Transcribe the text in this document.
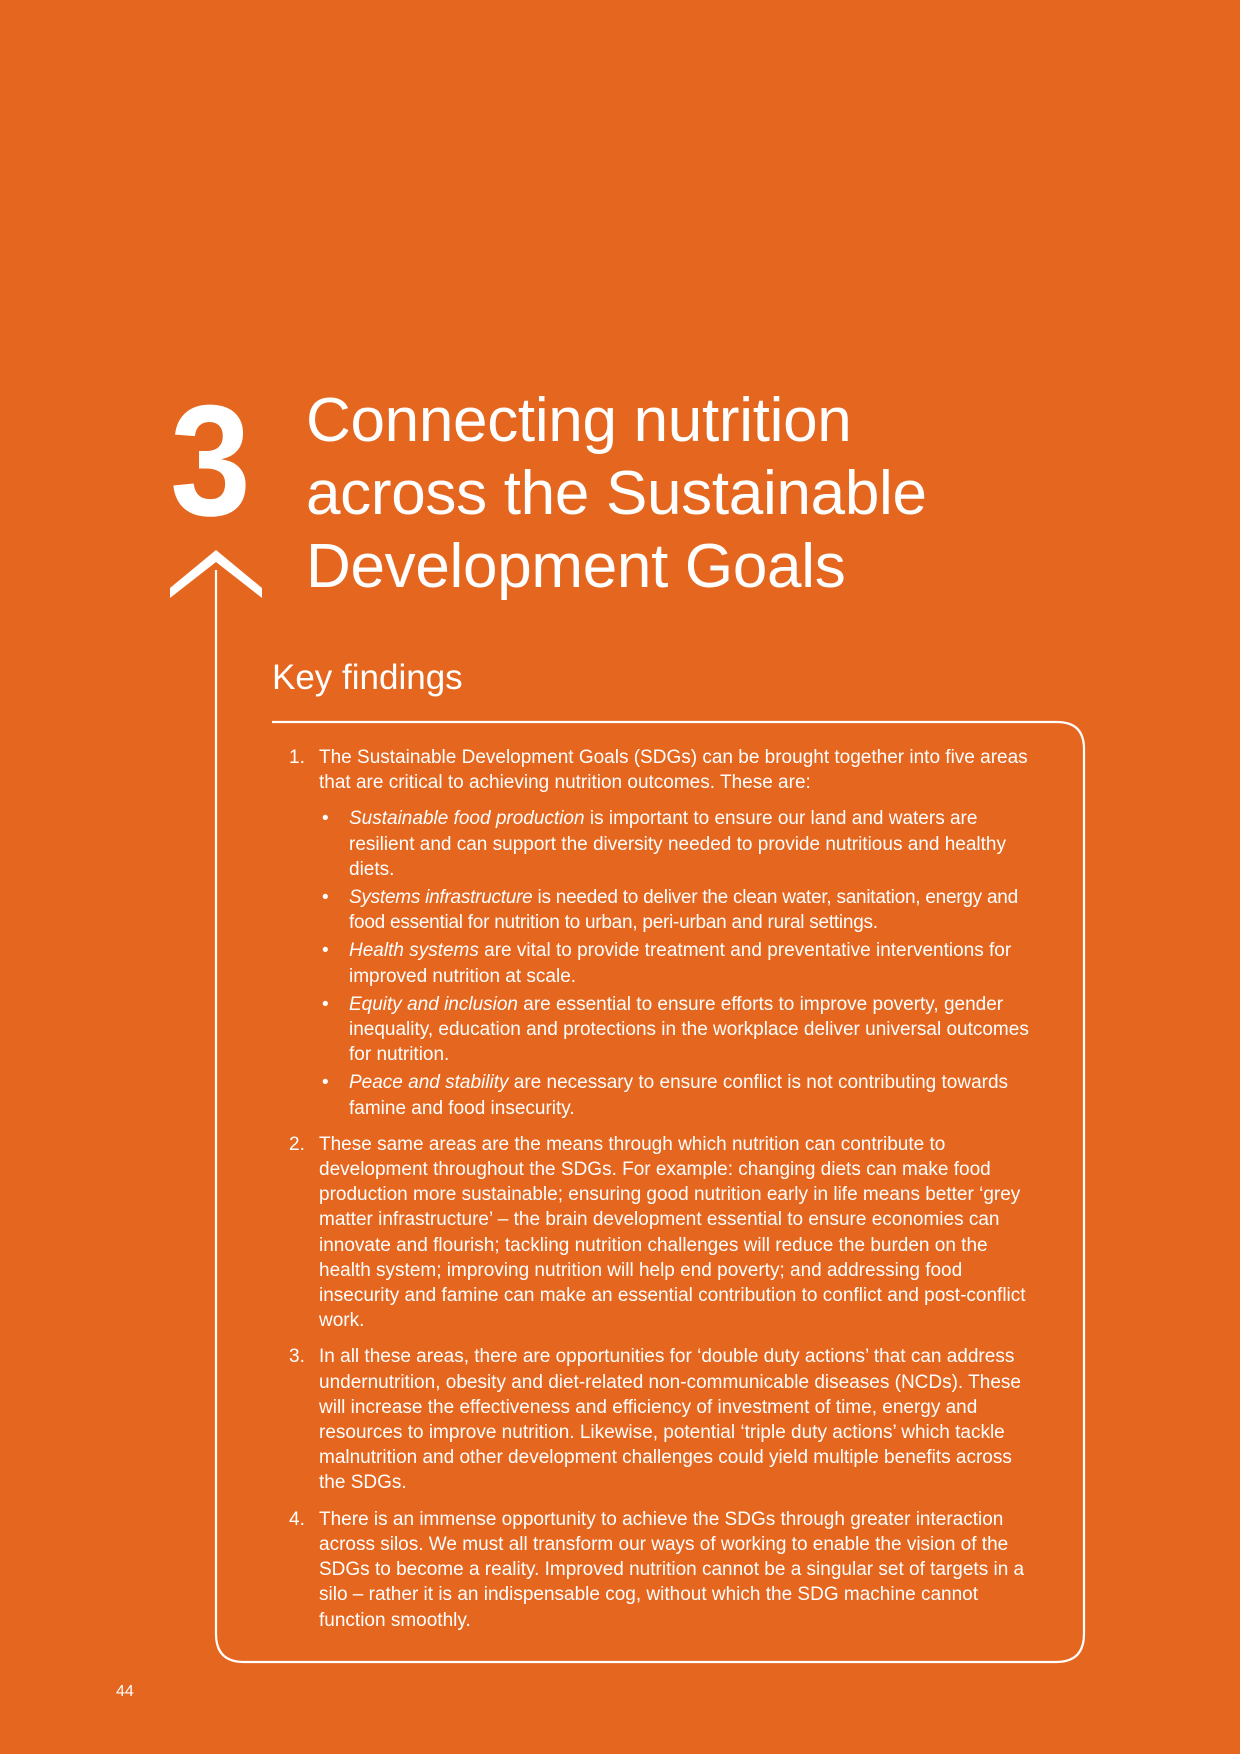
3 Connecting nutrition
across the Sustainable
Development Goals
Key findings
1. The Sustainable Development Goals (SDGs) can be brought together into five areas that are critical to achieving nutrition outcomes. These are:
• Sustainable food production is important to ensure our land and waters are resilient and can support the diversity needed to provide nutritious and healthy diets.
• Systems infrastructure is needed to deliver the clean water, sanitation, energy and food essential for nutrition to urban, peri-urban and rural settings.
• Health systems are vital to provide treatment and preventative interventions for improved nutrition at scale.
• Equity and inclusion are essential to ensure efforts to improve poverty, gender inequality, education and protections in the workplace deliver universal outcomes for nutrition.
• Peace and stability are necessary to ensure conflict is not contributing towards famine and food insecurity.
2. These same areas are the means through which nutrition can contribute to development throughout the SDGs. For example: changing diets can make food production more sustainable; ensuring good nutrition early in life means better ‘grey matter infrastructure’ – the brain development essential to ensure economies can innovate and flourish; tackling nutrition challenges will reduce the burden on the health system; improving nutrition will help end poverty; and addressing food insecurity and famine can make an essential contribution to conflict and post-conflict work.
3. In all these areas, there are opportunities for ‘double duty actions’ that can address undernutrition, obesity and diet-related non-communicable diseases (NCDs). These will increase the effectiveness and efficiency of investment of time, energy and resources to improve nutrition. Likewise, potential ‘triple duty actions’ which tackle malnutrition and other development challenges could yield multiple benefits across the SDGs.
4. There is an immense opportunity to achieve the SDGs through greater interaction across silos. We must all transform our ways of working to enable the vision of the SDGs to become a reality. Improved nutrition cannot be a singular set of targets in a silo – rather it is an indispensable cog, without which the SDG machine cannot function smoothly.
44
